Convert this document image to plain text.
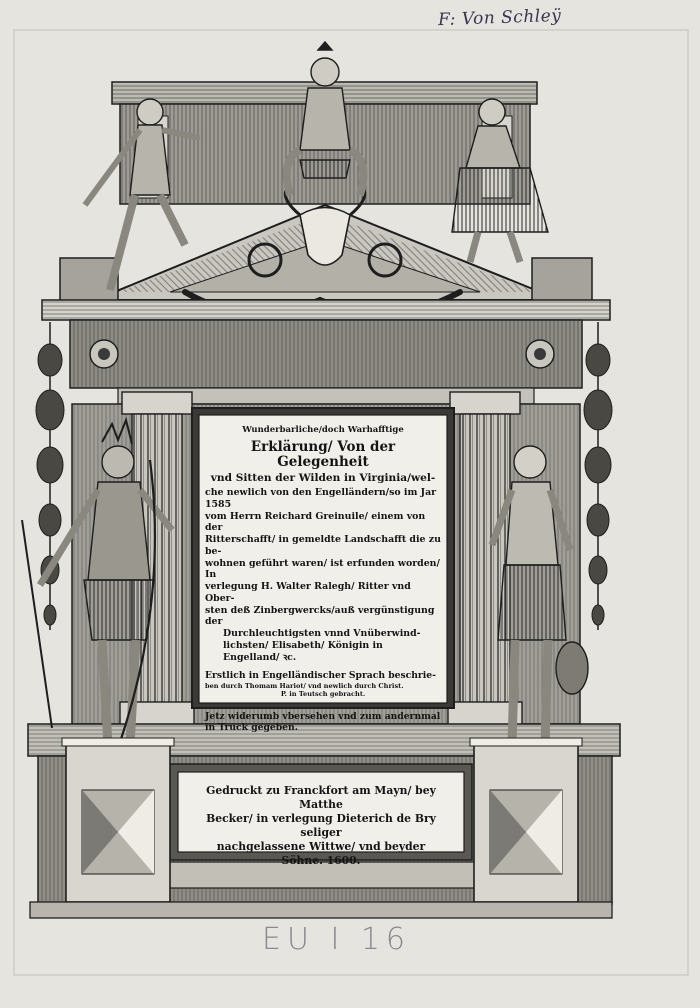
F: Von Schleÿ
Wunderbarliche/doch Warhafftige
Erklärung/ Von der Gelegenheit
vnd Sitten der Wilden in Virginia/wel-
che newlich von den Engelländern/so im Jar 1585
vom Herrn Reichard Greinuile/ einem von der
Ritterschafft/ in gemeldte Landschafft die zu be-
wohnen geführt waren/ ist erfunden worden/ In
verlegung H. Walter Ralegh/ Ritter vnd Ober-
sten deß Zinbergwercks/auß vergünstigung der
Durchleuchtigsten vnnd Vnüberwind-
lichsten/ Elisabeth/ Königin in
Engelland/ ꝛc.
Erstlich in Engelländischer Sprach beschrie-
ben durch Thomam Hariot/ vnd newlich durch Christ.
P. in Teutsch gebracht.
Jetz widerumb vbersehen vnd zum andernmal
in Truck gegeben.
Gedruckt zu Franckfort am Mayn/ bey Matthe
Becker/ in verlegung Dieterich de Bry seliger
nachgelassene Wittwe/ vnd beyder
Söhne. 1600.
EU I 16
